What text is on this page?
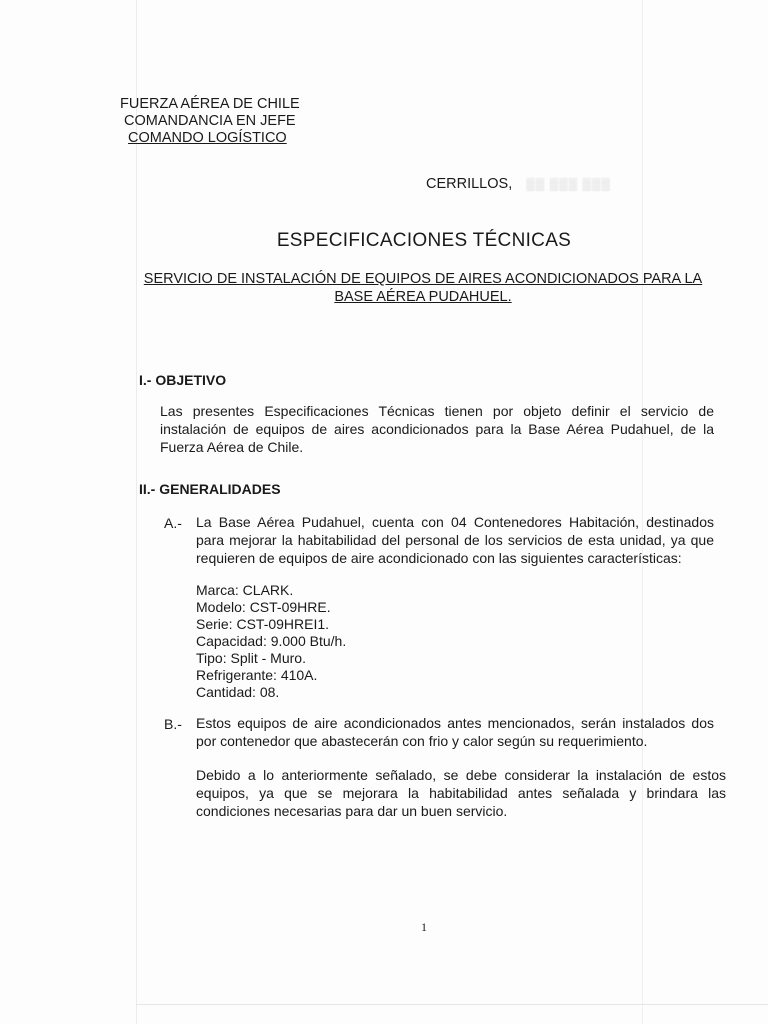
FUERZA AÉREA DE CHILE
COMANDANCIA EN JEFE
COMANDO LOGÍSTICO
CERRILLOS, ▒▒ ▒▒▒ ▒▒▒
ESPECIFICACIONES TÉCNICAS
SERVICIO DE INSTALACIÓN DE EQUIPOS DE AIRES ACONDICIONADOS PARA LA
BASE AÉREA PUDAHUEL.
I.- OBJETIVO
Las presentes Especificaciones Técnicas tienen por objeto definir el servicio de instalación de equipos de aires acondicionados para la Base Aérea Pudahuel, de la Fuerza Aérea de Chile.
II.- GENERALIDADES
A.- La Base Aérea Pudahuel, cuenta con 04 Contenedores Habitación, destinados para mejorar la habitabilidad del personal de los servicios de esta unidad, ya que requieren de equipos de aire acondicionado con las siguientes características:
Marca: CLARK.
Modelo: CST-09HRE.
Serie: CST-09HREI1.
Capacidad: 9.000 Btu/h.
Tipo: Split - Muro.
Refrigerante: 410A.
Cantidad: 08.
B.- Estos equipos de aire acondicionados antes mencionados, serán instalados dos por contenedor que abastecerán con frio y calor según su requerimiento.
Debido a lo anteriormente señalado, se debe considerar la instalación de estos equipos, ya que se mejorara la habitabilidad antes señalada y brindara las condiciones necesarias para dar un buen servicio.
1
